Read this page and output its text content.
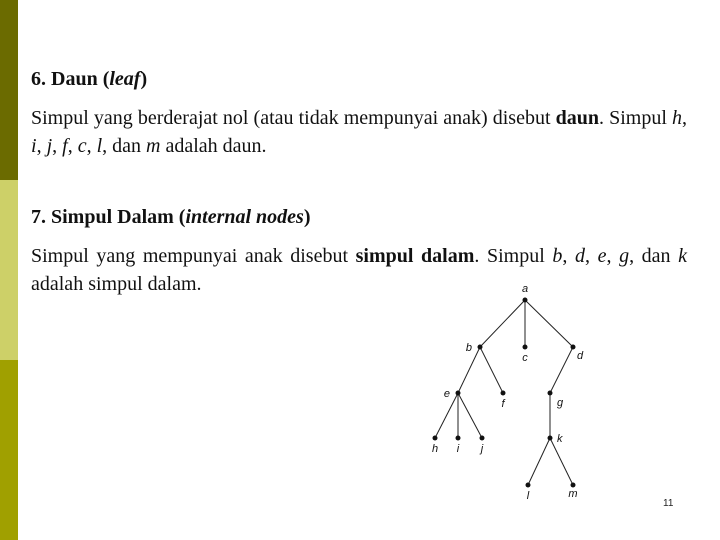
6. Daun (leaf)

Simpul yang berderajat nol (atau tidak mempunyai anak) disebut daun. Simpul h, i, j, f, c, l, dan m adalah daun.

7. Simpul Dalam (internal nodes)

Simpul yang mempunyai anak disebut simpul dalam. Simpul b, d, e, g, dan k adalah simpul dalam.	a
b
c	d
e
f	g
h i j
k
l	m
11
